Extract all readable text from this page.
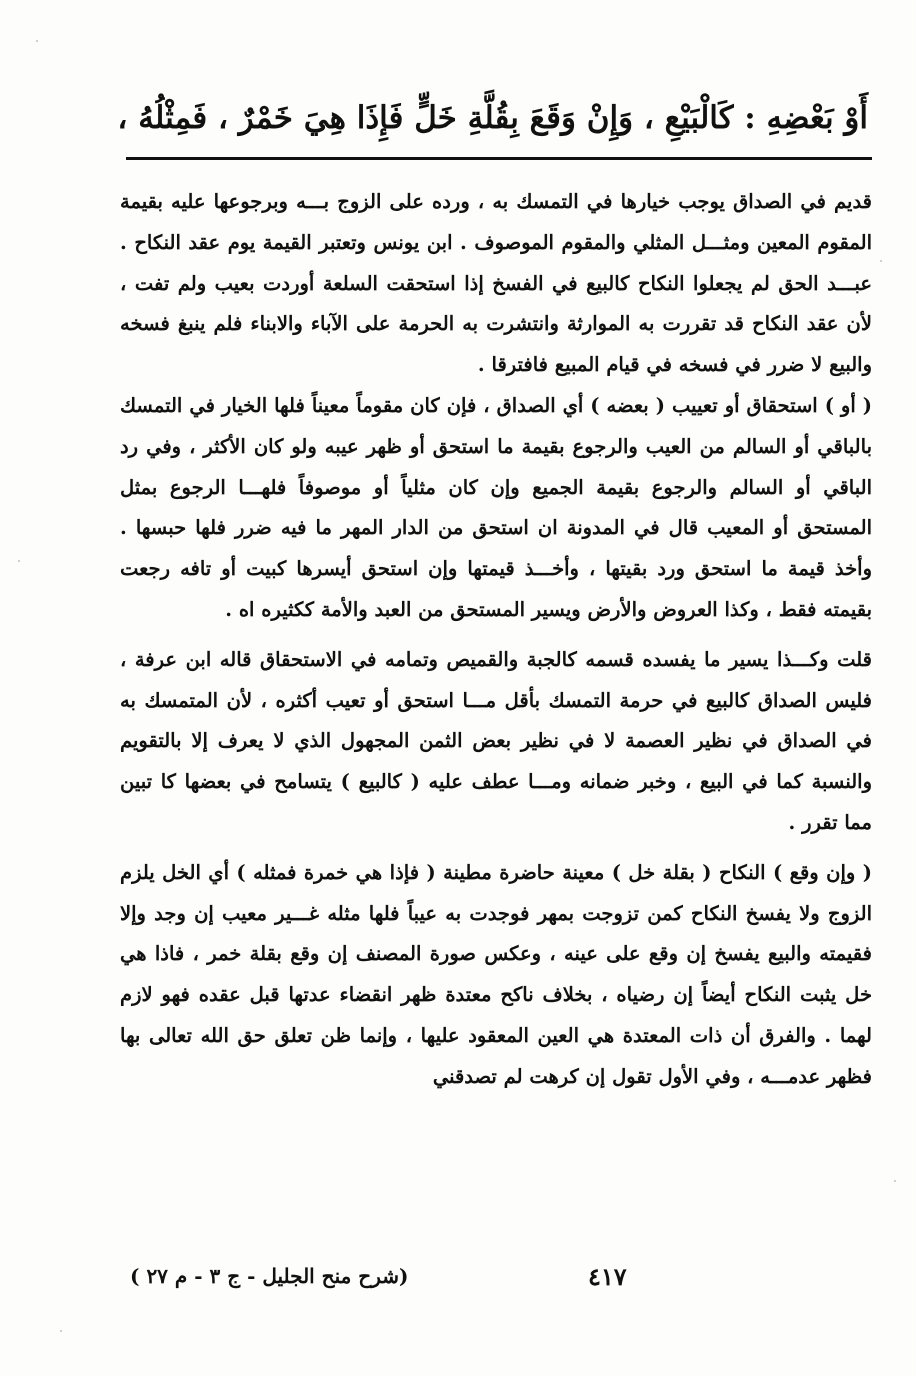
أَوْ بَعْضِهِ : كَالْبَيْعِ ، وَإِنْ وَقَعَ بِقُلَّةِ خَلٍّ فَإِذَا هِيَ خَمْرٌ ، فَمِثْلُهُ ،

قديم في الصداق يوجب خيارها في التمسك به ، ورده على الزوج بـــه وبرجوعها عليه بقيمة المقوم المعين ومثـــل المثلي والمقوم الموصوف . ابن يونس وتعتبر القيمة يوم عقد النكاح . عبـــد الحق لم يجعلوا النكاح كالبيع في الفسخ إذا استحقت السلعة أوردت بعيب ولم تفت ، لأن عقد النكاح قد تقررت به الموارثة وانتشرت به الحرمة على الآباء والابناء فلم ينبغ فسخه والبيع لا ضرر في فسخه في قيام المبيع فافترقا .

( أو ) استحقاق أو تعييب ( بعضه ) أي الصداق ، فإن كان مقوماً معيناً فلها الخيار في التمسك بالباقي أو السالم من العيب والرجوع بقيمة ما استحق أو ظهر عيبه ولو كان الأكثر ، وفي رد الباقي أو السالم والرجوع بقيمة الجميع وإن كان مثلياً أو موصوفاً فلهـــا الرجوع بمثل المستحق أو المعيب قال في المدونة ان استحق من الدار المهر ما فيه ضرر فلها حبسها . وأخذ قيمة ما استحق ورد بقيتها ، وأخـــذ قيمتها وإن استحق أيسرها كبيت أو تافه رجعت بقيمته فقط ، وكذا العروض والأرض ويسير المستحق من العبد والأمة ككثيره اه .

قلت وكـــذا يسير ما يفسده قسمه كالجبة والقميص وتمامه في الاستحقاق قاله ابن عرفة ، فليس الصداق كالبيع في حرمة التمسك بأقل مـــا استحق أو تعيب أكثره ، لأن المتمسك به في الصداق في نظير العصمة لا في نظير بعض الثمن المجهول الذي لا يعرف إلا بالتقويم والنسبة كما في البيع ، وخبر ضمانه ومـــا عطف عليه ( كالبيع ) يتسامح في بعضها كا تبين مما تقرر .

( وإن وقع ) النكاح ( بقلة خل ) معينة حاضرة مطينة ( فإذا هي خمرة فمثله ) أي الخل يلزم الزوج ولا يفسخ النكاح كمن تزوجت بمهر فوجدت به عيباً فلها مثله غـــير معيب إن وجد وإلا فقيمته والبيع يفسخ إن وقع على عينه ، وعكس صورة المصنف إن وقع بقلة خمر ، فاذا هي خل يثبت النكاح أيضاً إن رضياه ، بخلاف ناكح معتدة ظهر انقضاء عدتها قبل عقده فهو لازم لهما . والفرق أن ذات المعتدة هي العين المعقود عليها ، وإنما ظن تعلق حق الله تعالى بها فظهر عدمـــه ، وفي الأول تقول إن كرهت لم تصدقني

٤١٧
(شرح منح الجليل - ج ٣ - م ٢٧ )
